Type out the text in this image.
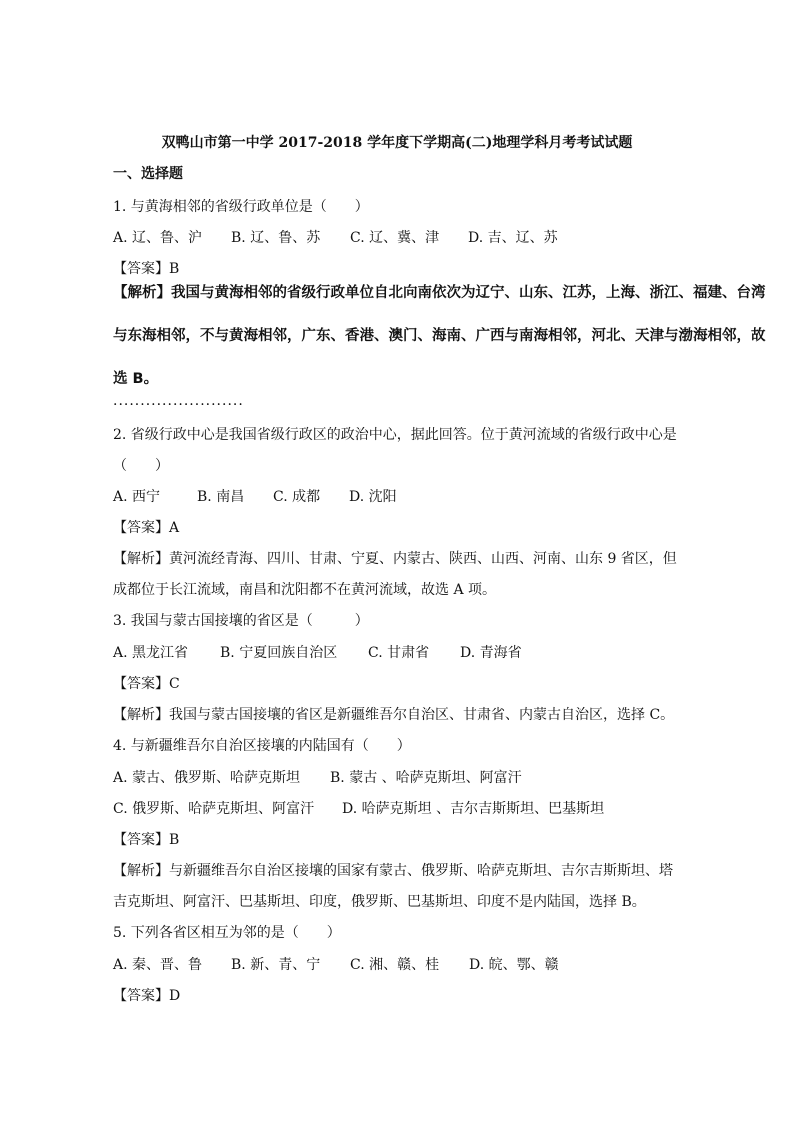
双鸭山市第一中学 2017-2018 学年度下学期高(二)地理学科月考考试试题
一、选择题
1. 与黄海相邻的省级行政单位是（　　）
A. 辽、鲁、沪 B. 辽、鲁、苏 C. 辽、冀、津 D. 吉、辽、苏
【答案】B
【解析】我国与黄海相邻的省级行政单位自北向南依次为辽宁、山东、江苏，上海、浙江、福建、台湾
与东海相邻，不与黄海相邻，广东、香港、澳门、海南、广西与南海相邻，河北、天津与渤海相邻，故
选 B。
························
2. 省级行政中心是我国省级行政区的政治中心，据此回答。位于黄河流域的省级行政中心是
（　　）
A. 西宁	B. 南昌 C. 成都 D. 沈阳
【答案】A
【解析】黄河流经青海、四川、甘肃、宁夏、内蒙古、陕西、山西、河南、山东 9 省区，但
成都位于长江流域，南昌和沈阳都不在黄河流域，故选 A 项。
3. 我国与蒙古国接壤的省区是（　　　）
A. 黑龙江省 B. 宁夏回族自治区 C. 甘肃省 D. 青海省
【答案】C
【解析】我国与蒙古国接壤的省区是新疆维吾尔自治区、甘肃省、内蒙古自治区，选择 C。
4. 与新疆维吾尔自治区接壤的内陆国有（　　）
A. 蒙古、俄罗斯、哈萨克斯坦 B. 蒙古 、哈萨克斯坦、阿富汗
C. 俄罗斯、哈萨克斯坦、阿富汗 D. 哈萨克斯坦 、吉尔吉斯斯坦、巴基斯坦
【答案】B
【解析】与新疆维吾尔自治区接壤的国家有蒙古、俄罗斯、哈萨克斯坦、吉尔吉斯斯坦、塔
吉克斯坦、阿富汗、巴基斯坦、印度，俄罗斯、巴基斯坦、印度不是内陆国，选择 B。
5. 下列各省区相互为邻的是（　　）
A. 秦、晋、鲁 B. 新、青、宁 C. 湘、赣、桂 D. 皖、鄂、赣
【答案】D
